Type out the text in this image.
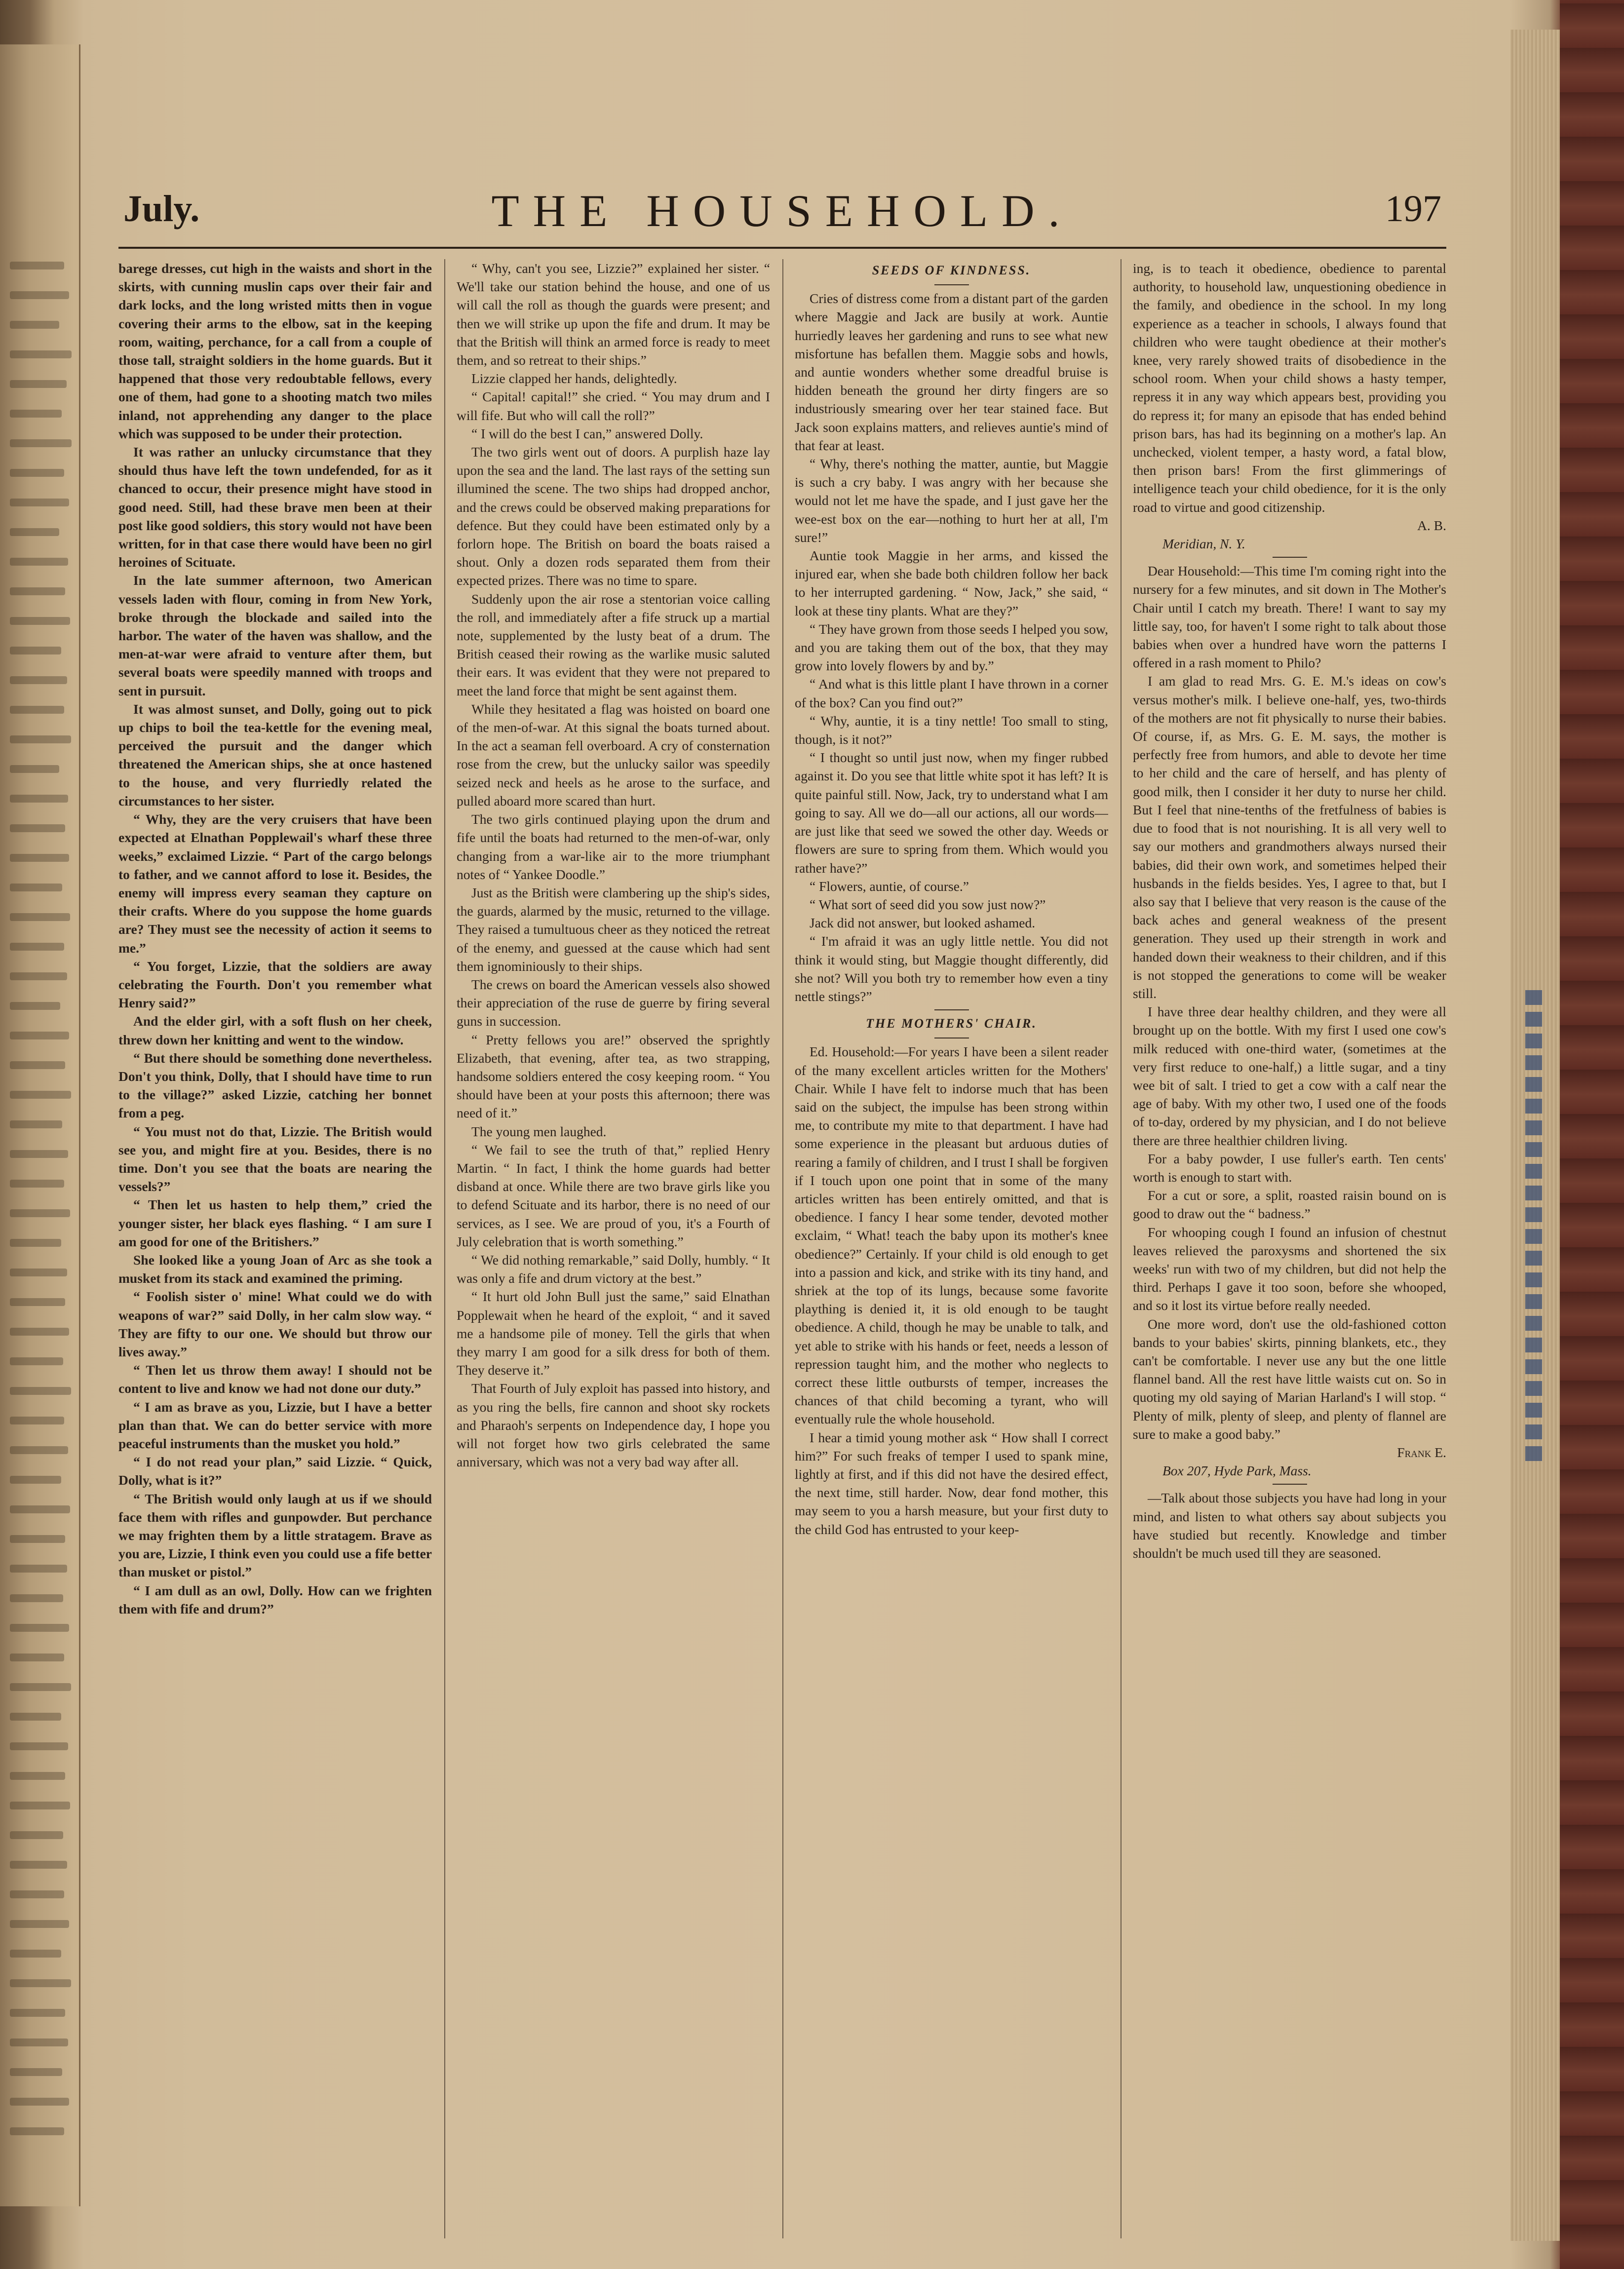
July.	THE HOUSEHOLD.	197

barege dresses, cut high in the waists and short in the skirts, with cunning muslin caps over their fair and dark locks, and the long wristed mitts then in vogue covering their arms to the elbow, sat in the keeping room, waiting, perchance, for a call from a couple of those tall, straight soldiers in the home guards. But it happened that those very redoubtable fellows, every one of them, had gone to a shooting match two miles inland, not apprehending any danger to the place which was supposed to be under their protection.

It was rather an unlucky circumstance that they should thus have left the town undefended, for as it chanced to occur, their presence might have stood in good need. Still, had these brave men been at their post like good soldiers, this story would not have been written, for in that case there would have been no girl heroines of Scituate.

In the late summer afternoon, two American vessels laden with flour, coming in from New York, broke through the blockade and sailed into the harbor. The water of the haven was shallow, and the men-at-war were afraid to venture after them, but several boats were speedily manned with troops and sent in pursuit.

It was almost sunset, and Dolly, going out to pick up chips to boil the tea-kettle for the evening meal, perceived the pursuit and the danger which threatened the American ships, she at once hastened to the house, and very flurriedly related the circumstances to her sister.

“ Why, they are the very cruisers that have been expected at Elnathan Popplewail's wharf these three weeks,” exclaimed Lizzie. “ Part of the cargo belongs to father, and we cannot afford to lose it. Besides, the enemy will impress every seaman they capture on their crafts. Where do you suppose the home guards are? They must see the necessity of action it seems to me.”

“ You forget, Lizzie, that the soldiers are away celebrating the Fourth. Don't you remember what Henry said?”

And the elder girl, with a soft flush on her cheek, threw down her knitting and went to the window.

“ But there should be something done nevertheless. Don't you think, Dolly, that I should have time to run to the village?” asked Lizzie, catching her bonnet from a peg.

“ You must not do that, Lizzie. The British would see you, and might fire at you. Besides, there is no time. Don't you see that the boats are nearing the vessels?”

“ Then let us hasten to help them,” cried the younger sister, her black eyes flashing. “ I am sure I am good for one of the Britishers.”

She looked like a young Joan of Arc as she took a musket from its stack and examined the priming.

“ Foolish sister o' mine! What could we do with weapons of war?” said Dolly, in her calm slow way. “ They are fifty to our one. We should but throw our lives away.”

“ Then let us throw them away! I should not be content to live and know we had not done our duty.”

“ I am as brave as you, Lizzie, but I have a better plan than that. We can do better service with more peaceful instruments than the musket you hold.”

“ I do not read your plan,” said Lizzie. “ Quick, Dolly, what is it?”

“ The British would only laugh at us if we should face them with rifles and gunpowder. But perchance we may frighten them by a little stratagem. Brave as you are, Lizzie, I think even you could use a fife better than musket or pistol.”

“ I am dull as an owl, Dolly. How can we frighten them with fife and drum?”

“ Why, can't you see, Lizzie?” explained her sister. “ We'll take our station behind the house, and one of us will call the roll as though the guards were present; and then we will strike up upon the fife and drum. It may be that the British will think an armed force is ready to meet them, and so retreat to their ships.”

Lizzie clapped her hands, delightedly.

“ Capital! capital!” she cried. “ You may drum and I will fife. But who will call the roll?”

“ I will do the best I can,” answered Dolly.

The two girls went out of doors. A purplish haze lay upon the sea and the land. The last rays of the setting sun illumined the scene. The two ships had dropped anchor, and the crews could be observed making preparations for defence. But they could have been estimated only by a forlorn hope. The British on board the boats raised a shout. Only a dozen rods separated them from their expected prizes. There was no time to spare.

Suddenly upon the air rose a stentorian voice calling the roll, and immediately after a fife struck up a martial note, supplemented by the lusty beat of a drum. The British ceased their rowing as the warlike music saluted their ears. It was evident that they were not prepared to meet the land force that might be sent against them.

While they hesitated a flag was hoisted on board one of the men-of-war. At this signal the boats turned about. In the act a seaman fell overboard. A cry of consternation rose from the crew, but the unlucky sailor was speedily seized neck and heels as he arose to the surface, and pulled aboard more scared than hurt.

The two girls continued playing upon the drum and fife until the boats had returned to the men-of-war, only changing from a war-like air to the more triumphant notes of “ Yankee Doodle.”

Just as the British were clambering up the ship's sides, the guards, alarmed by the music, returned to the village. They raised a tumultuous cheer as they noticed the retreat of the enemy, and guessed at the cause which had sent them ignominiously to their ships.

The crews on board the American vessels also showed their appreciation of the ruse de guerre by firing several guns in succession.

“ Pretty fellows you are!” observed the sprightly Elizabeth, that evening, after tea, as two strapping, handsome soldiers entered the cosy keeping room. “ You should have been at your posts this afternoon; there was need of it.”

The young men laughed.

“ We fail to see the truth of that,” replied Henry Martin. “ In fact, I think the home guards had better disband at once. While there are two brave girls like you to defend Scituate and its harbor, there is no need of our services, as I see. We are proud of you, it's a Fourth of July celebration that is worth something.”

“ We did nothing remarkable,” said Dolly, humbly. “ It was only a fife and drum victory at the best.”

“ It hurt old John Bull just the same,” said Elnathan Popplewait when he heard of the exploit, “ and it saved me a handsome pile of money. Tell the girls that when they marry I am good for a silk dress for both of them. They deserve it.”

That Fourth of July exploit has passed into history, and as you ring the bells, fire cannon and shoot sky rockets and Pharaoh's serpents on Independence day, I hope you will not forget how two girls celebrated the same anniversary, which was not a very bad way after all.

SEEDS OF KINDNESS.

Cries of distress come from a distant part of the garden where Maggie and Jack are busily at work. Auntie hurriedly leaves her gardening and runs to see what new misfortune has befallen them. Maggie sobs and howls, and auntie wonders whether some dreadful bruise is hidden beneath the ground her dirty fingers are so industriously smearing over her tear stained face. But Jack soon explains matters, and relieves auntie's mind of that fear at least.

“ Why, there's nothing the matter, auntie, but Maggie is such a cry baby. I was angry with her because she would not let me have the spade, and I just gave her the wee-est box on the ear—nothing to hurt her at all, I'm sure!”

Auntie took Maggie in her arms, and kissed the injured ear, when she bade both children follow her back to her interrupted gardening. “ Now, Jack,” she said, “ look at these tiny plants. What are they?”

“ They have grown from those seeds I helped you sow, and you are taking them out of the box, that they may grow into lovely flowers by and by.”

“ And what is this little plant I have thrown in a corner of the box? Can you find out?”

“ Why, auntie, it is a tiny nettle! Too small to sting, though, is it not?”

“ I thought so until just now, when my finger rubbed against it. Do you see that little white spot it has left? It is quite painful still. Now, Jack, try to understand what I am going to say. All we do—all our actions, all our words—are just like that seed we sowed the other day. Weeds or flowers are sure to spring from them. Which would you rather have?”

“ Flowers, auntie, of course.”

“ What sort of seed did you sow just now?”

Jack did not answer, but looked ashamed.

“ I'm afraid it was an ugly little nettle. You did not think it would sting, but Maggie thought differently, did she not? Will you both try to remember how even a tiny nettle stings?”

THE MOTHERS' CHAIR.

Ed. Household:—For years I have been a silent reader of the many excellent articles written for the Mothers' Chair. While I have felt to indorse much that has been said on the subject, the impulse has been strong within me, to contribute my mite to that department. I have had some experience in the pleasant but arduous duties of rearing a family of children, and I trust I shall be forgiven if I touch upon one point that in some of the many articles written has been entirely omitted, and that is obedience. I fancy I hear some tender, devoted mother exclaim, “ What! teach the baby upon its mother's knee obedience?” Certainly. If your child is old enough to get into a passion and kick, and strike with its tiny hand, and shriek at the top of its lungs, because some favorite plaything is denied it, it is old enough to be taught obedience. A child, though he may be unable to talk, and yet able to strike with his hands or feet, needs a lesson of repression taught him, and the mother who neglects to correct these little outbursts of temper, increases the chances of that child becoming a tyrant, who will eventually rule the whole household.

I hear a timid young mother ask “ How shall I correct him?” For such freaks of temper I used to spank mine, lightly at first, and if this did not have the desired effect, the next time, still harder. Now, dear fond mother, this may seem to you a harsh measure, but your first duty to the child God has entrusted to your keep-

ing, is to teach it obedience, obedience to parental authority, to household law, unquestioning obedience in the family, and obedience in the school. In my long experience as a teacher in schools, I always found that children who were taught obedience at their mother's knee, very rarely showed traits of disobedience in the school room. When your child shows a hasty temper, repress it in any way which appears best, providing you do repress it; for many an episode that has ended behind prison bars, has had its beginning on a mother's lap. An unchecked, violent temper, a hasty word, a fatal blow, then prison bars! From the first glimmerings of intelligence teach your child obedience, for it is the only road to virtue and good citizenship.

A. B.

Meridian, N. Y.

Dear Household:—This time I'm coming right into the nursery for a few minutes, and sit down in The Mother's Chair until I catch my breath. There! I want to say my little say, too, for haven't I some right to talk about those babies when over a hundred have worn the patterns I offered in a rash moment to Philo?

I am glad to read Mrs. G. E. M.'s ideas on cow's versus mother's milk. I believe one-half, yes, two-thirds of the mothers are not fit physically to nurse their babies. Of course, if, as Mrs. G. E. M. says, the mother is perfectly free from humors, and able to devote her time to her child and the care of herself, and has plenty of good milk, then I consider it her duty to nurse her child. But I feel that nine-tenths of the fretfulness of babies is due to food that is not nourishing. It is all very well to say our mothers and grandmothers always nursed their babies, did their own work, and sometimes helped their husbands in the fields besides. Yes, I agree to that, but I also say that I believe that very reason is the cause of the back aches and general weakness of the present generation. They used up their strength in work and handed down their weakness to their children, and if this is not stopped the generations to come will be weaker still.

I have three dear healthy children, and they were all brought up on the bottle. With my first I used one cow's milk reduced with one-third water, (sometimes at the very first reduce to one-half,) a little sugar, and a tiny wee bit of salt. I tried to get a cow with a calf near the age of baby. With my other two, I used one of the foods of to-day, ordered by my physician, and I do not believe there are three healthier children living.

For a baby powder, I use fuller's earth. Ten cents' worth is enough to start with.

For a cut or sore, a split, roasted raisin bound on is good to draw out the “ badness.”

For whooping cough I found an infusion of chestnut leaves relieved the paroxysms and shortened the six weeks' run with two of my children, but did not help the third. Perhaps I gave it too soon, before she whooped, and so it lost its virtue before really needed.

One more word, don't use the old-fashioned cotton bands to your babies' skirts, pinning blankets, etc., they can't be comfortable. I never use any but the one little flannel band. All the rest have little waists cut on. So in quoting my old saying of Marian Harland's I will stop. “ Plenty of milk, plenty of sleep, and plenty of flannel are sure to make a good baby.”

Frank E.

Box 207, Hyde Park, Mass.

—Talk about those subjects you have had long in your mind, and listen to what others say about subjects you have studied but recently. Knowledge and timber shouldn't be much used till they are seasoned.
